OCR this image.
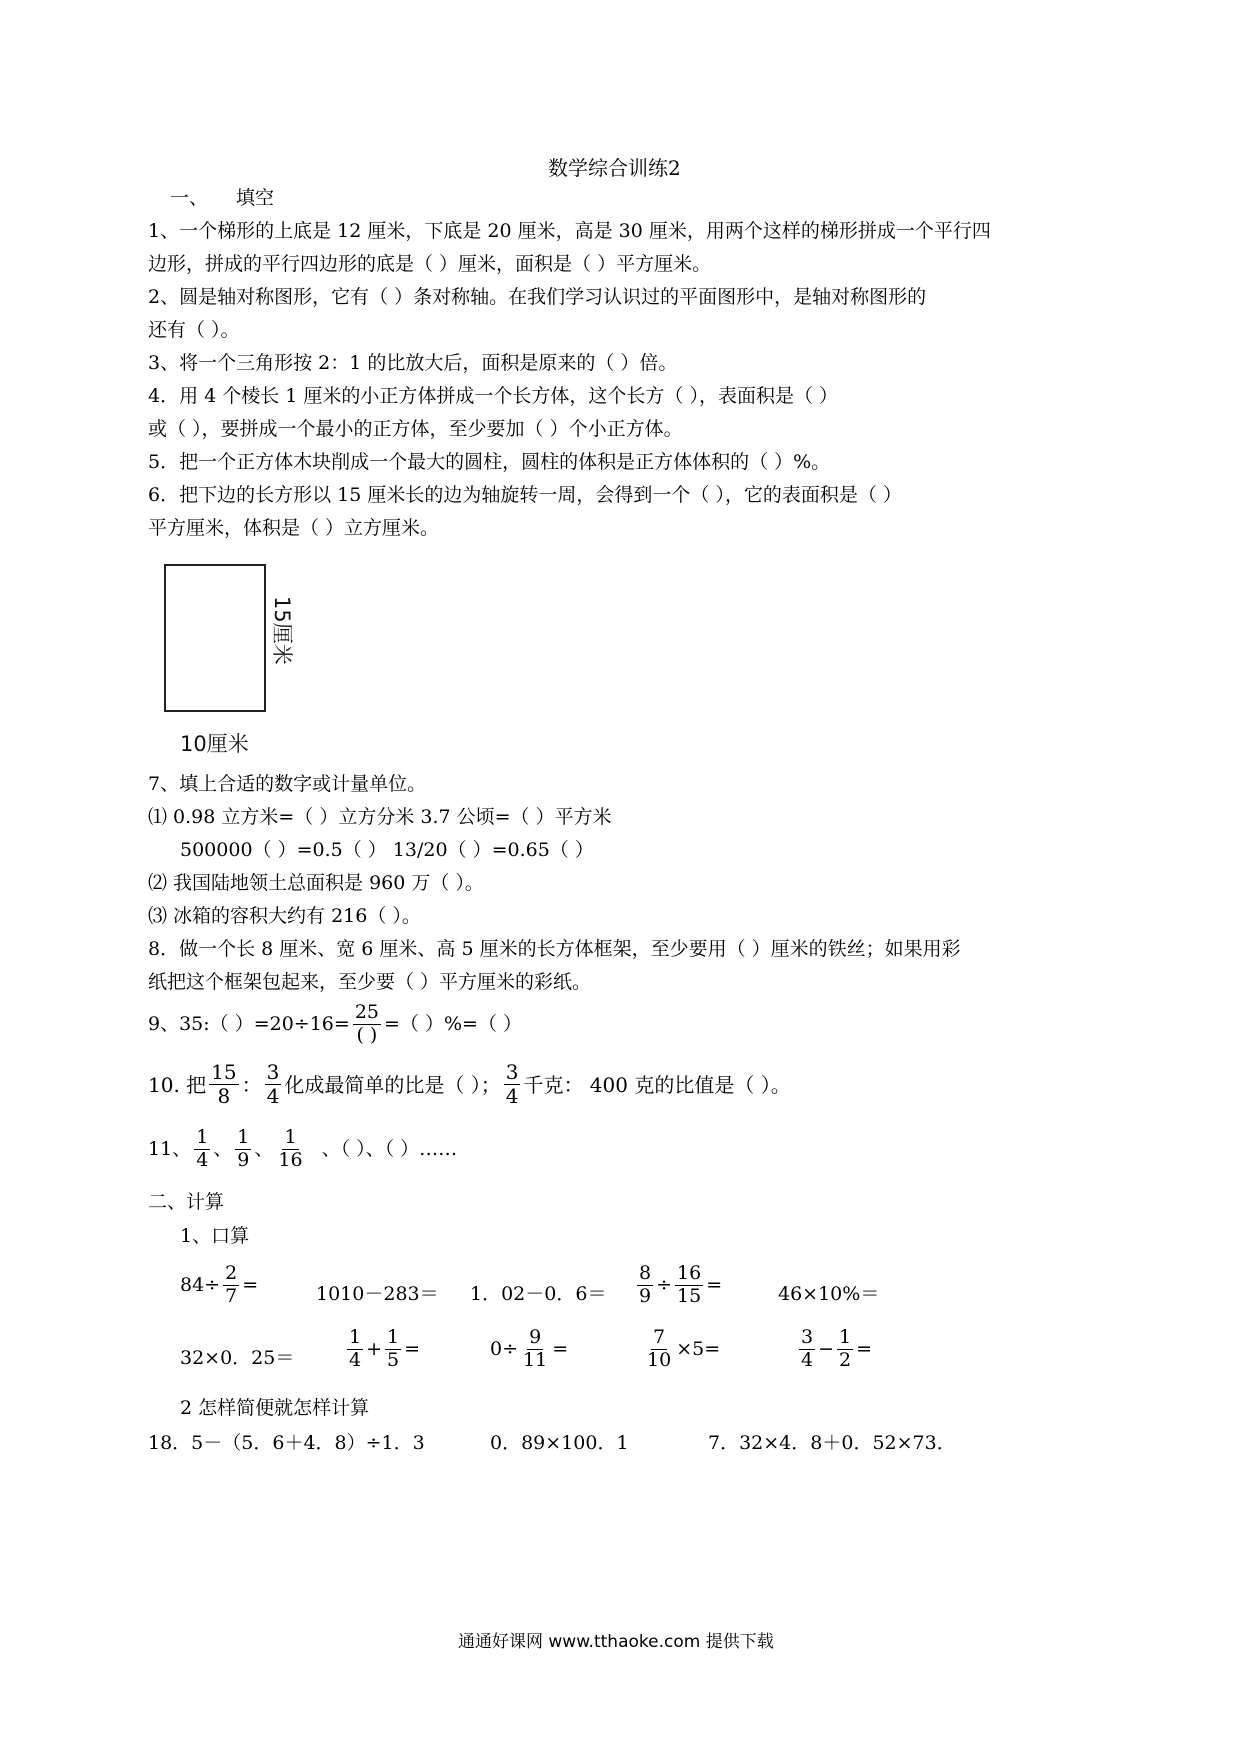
数学综合训练2
一、 填空
1、一个梯形的上底是 12 厘米，下底是 20 厘米，高是 30 厘米，用两个这样的梯形拼成一个平行四
边形，拼成的平行四边形的底是（ ）厘米，面积是（ ）平方厘米。
2、圆是轴对称图形，它有（ ）条对称轴。在我们学习认识过的平面图形中，是轴对称图形的
还有（ ）。
3、将一个三角形按 2：1 的比放大后，面积是原来的（ ）倍。
4．用 4 个棱长 1 厘米的小正方体拼成一个长方体，这个长方（ ），表面积是（ ）
或（ ），要拼成一个最小的正方体，至少要加（ ）个小正方体。
5．把一个正方体木块削成一个最大的圆柱，圆柱的体积是正方体体积的（ ）%。
6．把下边的长方形以 15 厘米长的边为轴旋转一周，会得到一个（ ），它的表面积是（ ）
平方厘米，体积是（ ）立方厘米。
15厘米
10厘米
7、填上合适的数字或计量单位。
⑴ 0.98 立方米=（ ）立方分米 3.7 公顷=（ ）平方米
500000（ ）=0.5（ ） 13/20（ ）=0.65（ ）
⑵ 我国陆地领土总面积是 960 万（ ）。
⑶ 冰箱的容积大约有 216（ ）。
8．做一个长 8 厘米、宽 6 厘米、高 5 厘米的长方体框架，至少要用（ ）厘米的铁丝；如果用彩
纸把这个框架包起来，至少要（ ）平方厘米的彩纸。
9、35:（ ）$=20\div 16= \frac{25}{( )}$ =（ ）%=（ ）
10. 把 $\frac{15}{8}$ ： $\frac{3}{4}$ 化成最简单的比是（ ）； $\frac{3}{4}$ 千克： 400 克的比值是（ ）。
11、 $\frac{1}{4}$ 、 $\frac{1}{9}$ 、 $\frac{1}{16}$ 、（ ）、（ ）……
二、计算
1、口算
$84\div \frac{2}{7}$ =	1010－283＝ 1．02－0．$6= \frac{8}{9} \div \frac{16}{15}$ =	46×10%＝
32×0．25＝	$\frac{1}{4} + \frac{1}{5}$ =	$0\div \frac{9}{11}$ =	$\frac{7}{10} \times 5=$	$\frac{3}{4} - \frac{1}{2}$ =
2 怎样简便就怎样计算
18．5－（5．6＋4．8）÷1．3	0．89×100．1	7．32×4．8＋0．52×73．
通通好课网 www.tthaoke.com 提供下载
